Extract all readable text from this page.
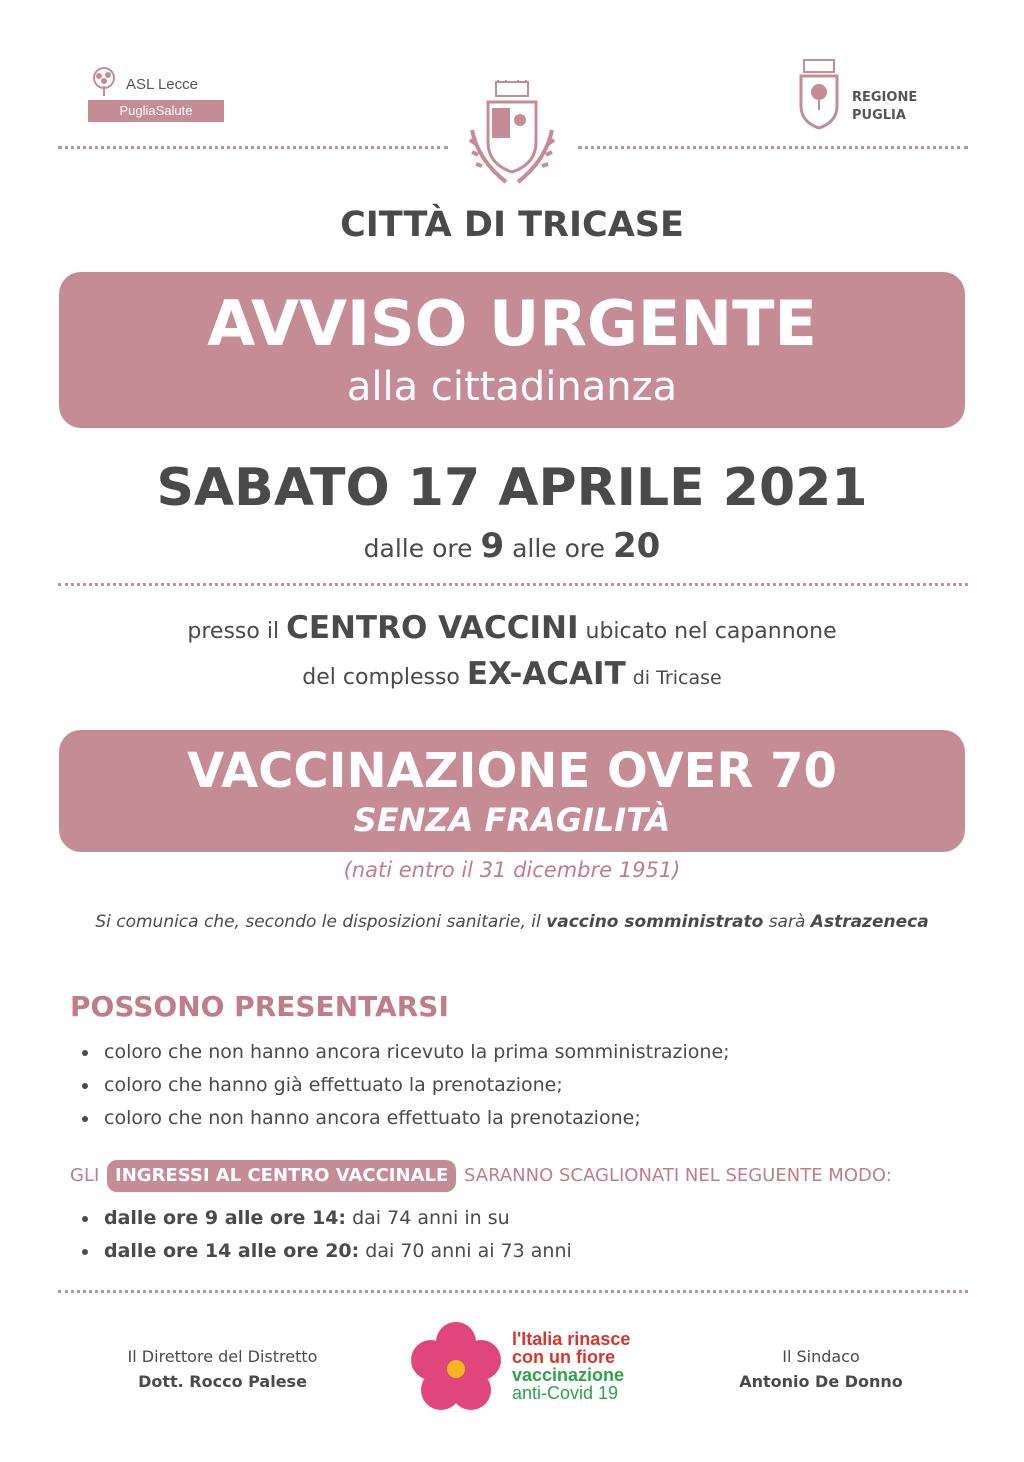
ASL Lecce
PugliaSalute
REGIONE
PUGLIA
CITTÀ DI TRICASE
AVVISO URGENTE
alla cittadinanza
SABATO 17 APRILE 2021
dalle ore 9 alle ore 20
presso il CENTRO VACCINI ubicato nel capannone
del complesso EX-ACAIT di Tricase
VACCINAZIONE OVER 70
SENZA FRAGILITÀ
(nati entro il 31 dicembre 1951)
Si comunica che, secondo le disposizioni sanitarie, il vaccino somministrato sarà Astrazeneca
POSSONO PRESENTARSI
coloro che non hanno ancora ricevuto la prima somministrazione;
coloro che hanno già effettuato la prenotazione;
coloro che non hanno ancora effettuato la prenotazione;
GLI INGRESSI AL CENTRO VACCINALE SARANNO SCAGLIONATI NEL SEGUENTE MODO:
dalle ore 9 alle ore 14: dai 74 anni in su
dalle ore 14 alle ore 20: dai 70 anni ai 73 anni
Il Direttore del Distretto
Dott. Rocco Palese
l'Italia rinasce
con un fiore
vaccinazione
anti-Covid 19
Il Sindaco
Antonio De Donno
